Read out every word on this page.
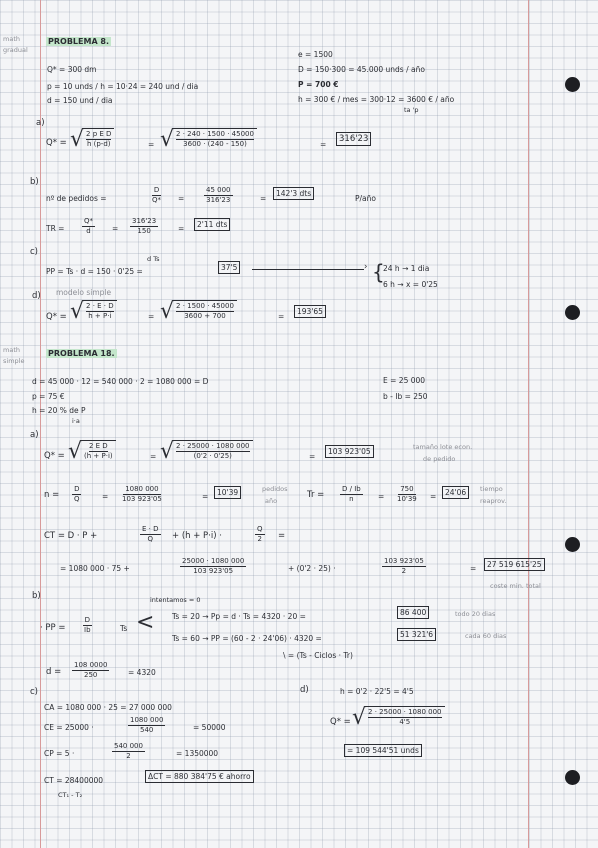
math
gradual
PROBLEMA 8.
Q* = 300 dm
p = 10 unds / h = 10·24 = 240 und / dia
d = 150 und / dia
e = 1500
D = 150·300 = 45.000 unds / año
P = 700 €
h = 300 € / mes = 300·12 = 3600 € / año
ta 'p
a)
Q* = √ $\frac{\text{2 p E D}}{h (p-d)}$	= √ $\frac{2 \cdot 240 \cdot 1500 \cdot 45000}{3600 \cdot (240 - 150)}$	=
316'23
b)
nº de pedidos =	$\frac{D}{Q*}$ =	$\frac{45 000}{316'23}$	=
142'3 dts
P/año
TR =	$\frac{Q*}{d} = \frac{316'23}{150}$	=	2'11 dts
c)
d Ts
PP = Ts · d = 150 · 0'25 =	37'5	› {
24 h → 1 dia
6 h → x = 0'25
d) modelo simple
Q* = √ $\frac{2 \cdot E \cdot D}{h + P\cdot i}$	= √ $\frac{2 \cdot 1500 \cdot 45000}{3600 + 700}$	=
193'65
math
simple
PROBLEMA 18.
d = 45 000 · 12 = 540 000 · 2 = 1080 000 = D
p = 75 €
h = 20 % de P
i·a
E = 25 000
b - Ib = 250
a)
Q* = √ $\frac{\text{2 E D}}{(h + P\cdot i)}$	= √ $\frac{2 \cdot 25000 \cdot 1080 000}{(0'2 \cdot 0'25)}$	=
103 923'05	tamaño lote econ.
de pedido
$n = \frac{D}{Q}$	= $\frac{1080 000}{103 923'05}$	=	10'39	pedidos
año
$Tr = \frac{D / Ib}{n} = \frac{750}{10'39}$ =	24'06	tiempo
reaprov.
CT = D · P +	$\frac{E \cdot D}{Q} + (h + P\cdot i)$ ·	$\frac{Q}{2}$ =
= 1080 000 · 75 +	$\frac{25000 \cdot 1080 000}{103 923'05}$	+ (0'2 · 25) ·	$\frac{103 923'05}{2}$	=	27 519 615'25
coste min. total
b)	intentamos = 0
· PP = $\frac{D}{Ib}$	Ts < Ts = 20 → Pp = d · Ts = 4320 · 20 =	86 400	todo 20 dias
Ts = 60 → PP = (60 - 2 · 24'06) · 4320 =	51 321'6	cada 60 dias
\ = (Ts - Ciclos · Tr)
$d = \frac{108 0000}{250} = 4320$
c)
CA = 1080 000 · 25 = 27 000 000
CE = 25000 ·	$\frac{1080 000}{540}$	= 50000
CP = 5 ·	$\frac{540 000}{2}$	= 1350000
CT = 28400000	ΔCT = 880 384'75 € ahorro
CT₁ - T₂
d)	h = 0'2 · 22'5 = 4'5
Q* = √ $\frac{2 \cdot 25000 \cdot 1080 000}{4'5}$
= 109 544'51 unds
